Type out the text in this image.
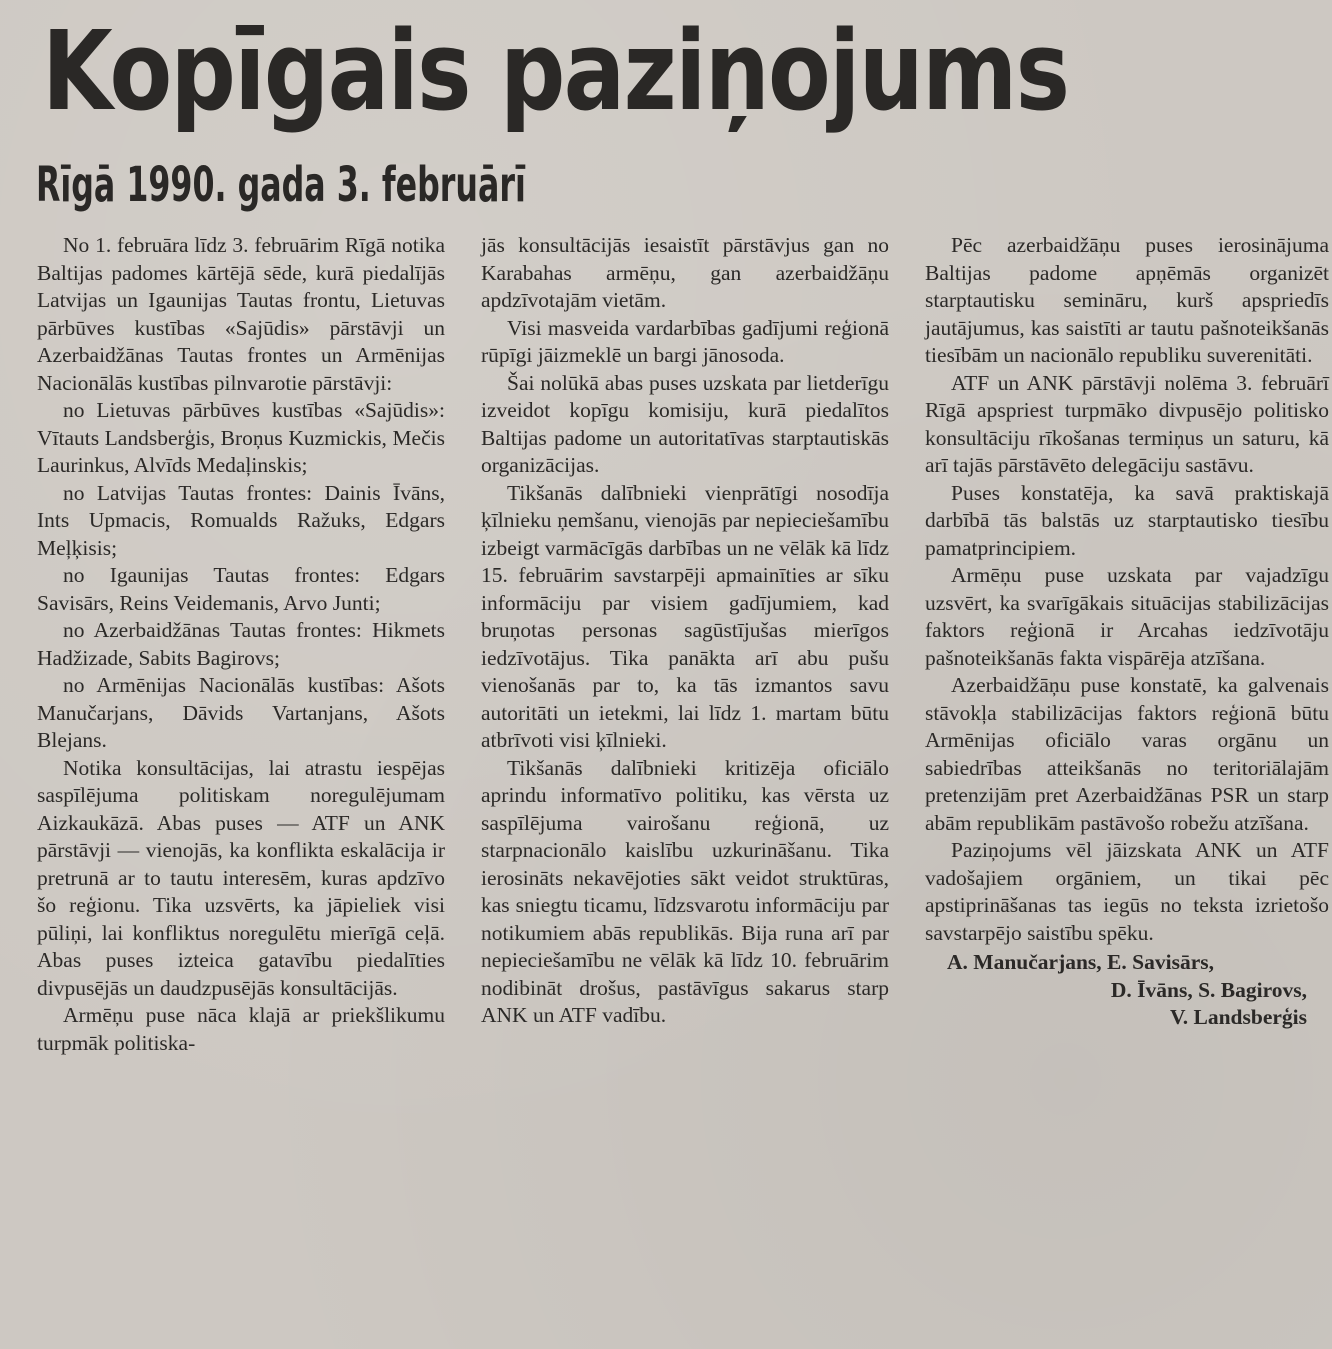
Kopīgais paziņojums
Rīgā 1990. gada 3. februārī

No 1. februāra līdz 3. februārim Rīgā notika Baltijas padomes kārtējā sēde, kurā piedalījās Latvijas un Igaunijas Tautas frontu, Lietuvas pārbūves kustības «Sajūdis» pārstāvji un Azerbaidžānas Tautas frontes un Armēnijas Nacionālās kustības pilnvarotie pārstāvji:

no Lietuvas pārbūves kustības «Sajūdis»: Vītauts Landsberģis, Broņus Kuzmickis, Mečis Laurinkus, Alvīds Medaļinskis;

no Latvijas Tautas frontes: Dainis Īvāns, Ints Upmacis, Romualds Ražuks, Edgars Meļķisis;

no Igaunijas Tautas frontes: Edgars Savisārs, Reins Veidemanis, Arvo Junti;

no Azerbaidžānas Tautas frontes: Hikmets Hadžizade, Sabits Bagirovs;

no Armēnijas Nacionālās kustības: Ašots Manučarjans, Dāvids Vartanjans, Ašots Blejans.

Notika konsultācijas, lai atrastu iespējas saspīlējuma politiskam noregulējumam Aizkaukāzā. Abas puses — ATF un ANK pārstāvji — vienojās, ka konflikta eskalācija ir pretrunā ar to tautu interesēm, kuras apdzīvo šo reģionu. Tika uzsvērts, ka jāpieliek visi pūliņi, lai konfliktus noregulētu mierīgā ceļā. Abas puses izteica gatavību piedalīties divpusējās un daudzpusējās konsultācijās.

Armēņu puse nāca klajā ar priekšlikumu turpmāk politiska-

jās konsultācijās iesaistīt pārstāvjus gan no Karabahas armēņu, gan azerbaidžāņu apdzīvotajām vietām.

Visi masveida vardarbības gadījumi reģionā rūpīgi jāizmeklē un bargi jānosoda.

Šai nolūkā abas puses uzskata par lietderīgu izveidot kopīgu komisiju, kurā piedalītos Baltijas padome un autoritatīvas starptautiskās organizācijas.

Tikšanās dalībnieki vienprātīgi nosodīja ķīlnieku ņemšanu, vienojās par nepieciešamību izbeigt varmācīgās darbības un ne vēlāk kā līdz 15. februārim savstarpēji apmainīties ar sīku informāciju par visiem gadījumiem, kad bruņotas personas sagūstījušas mierīgos iedzīvotājus. Tika panākta arī abu pušu vienošanās par to, ka tās izmantos savu autoritāti un ietekmi, lai līdz 1. martam būtu atbrīvoti visi ķīlnieki.

Tikšanās dalībnieki kritizēja oficiālo aprindu informatīvo politiku, kas vērsta uz saspīlējuma vairošanu reģionā, uz starpnacionālo kaislību uzkurināšanu. Tika ierosināts nekavējoties sākt veidot struktūras, kas sniegtu ticamu, līdzsvarotu informāciju par notikumiem abās republikās. Bija runa arī par nepieciešamību ne vēlāk kā līdz 10. februārim nodibināt drošus, pastāvīgus sakarus starp ANK un ATF vadību.

Pēc azerbaidžāņu puses ierosinājuma Baltijas padome apņēmās organizēt starptautisku semināru, kurš apspriedīs jautājumus, kas saistīti ar tautu pašnoteikšanās tiesībām un nacionālo republiku suverenitāti.

ATF un ANK pārstāvji nolēma 3. februārī Rīgā apspriest turpmāko divpusējo politisko konsultāciju rīkošanas termiņus un saturu, kā arī tajās pārstāvēto delegāciju sastāvu.

Puses konstatēja, ka savā praktiskajā darbībā tās balstās uz starptautisko tiesību pamatprincipiem.

Armēņu puse uzskata par vajadzīgu uzsvērt, ka svarīgākais situācijas stabilizācijas faktors reģionā ir Arcahas iedzīvotāju pašnoteikšanās fakta vispārēja atzīšana.

Azerbaidžāņu puse konstatē, ka galvenais stāvokļa stabilizācijas faktors reģionā būtu Armēnijas oficiālo varas orgānu un sabiedrības atteikšanās no teritoriālajām pretenzijām pret Azerbaidžānas PSR un starp abām republikām pastāvošo robežu atzīšana.

Paziņojums vēl jāizskata ANK un ATF vadošajiem orgāniem, un tikai pēc apstiprināšanas tas iegūs no teksta izrietošo savstarpējo saistību spēku.

A. Manučarjans, E. Savisārs,
D. Īvāns, S. Bagirovs,
V. Landsberģis
